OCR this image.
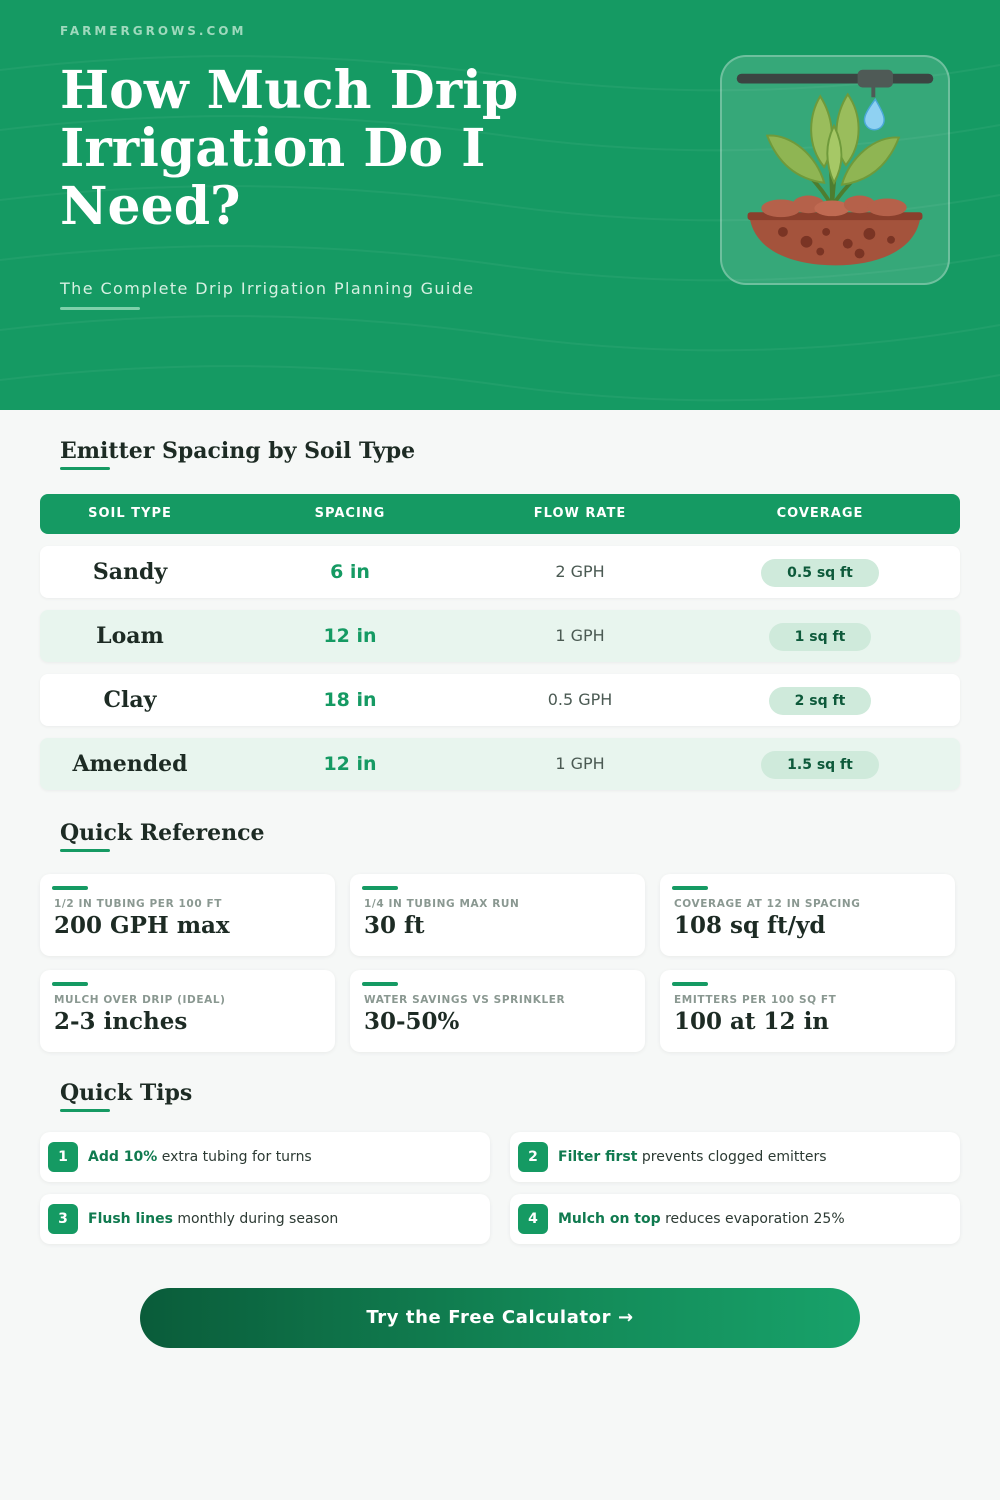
FARMERGROWS.COM
How Much Drip Irrigation Do I Need?
The Complete Drip Irrigation Planning Guide
Emitter Spacing by Soil Type
SOIL TYPE	SPACING	FLOW RATE	COVERAGE
Sandy	6 in	2 GPH	0.5 sq ft
Loam	12 in	1 GPH	1 sq ft
Clay	18 in	0.5 GPH	2 sq ft
Amended	12 in	1 GPH	1.5 sq ft
Quick Reference
1/2 IN TUBING PER 100 FT
200 GPH max
1/4 IN TUBING MAX RUN
30 ft
COVERAGE AT 12 IN SPACING
108 sq ft/yd
MULCH OVER DRIP (IDEAL)
2-3 inches
WATER SAVINGS VS SPRINKLER
30-50%
EMITTERS PER 100 SQ FT
100 at 12 in
Quick Tips
1	Add 10% extra tubing for turns	2	Filter first prevents clogged emitters
3	Flush lines monthly during season	4	Mulch on top reduces evaporation 25%
Try the Free Calculator →
